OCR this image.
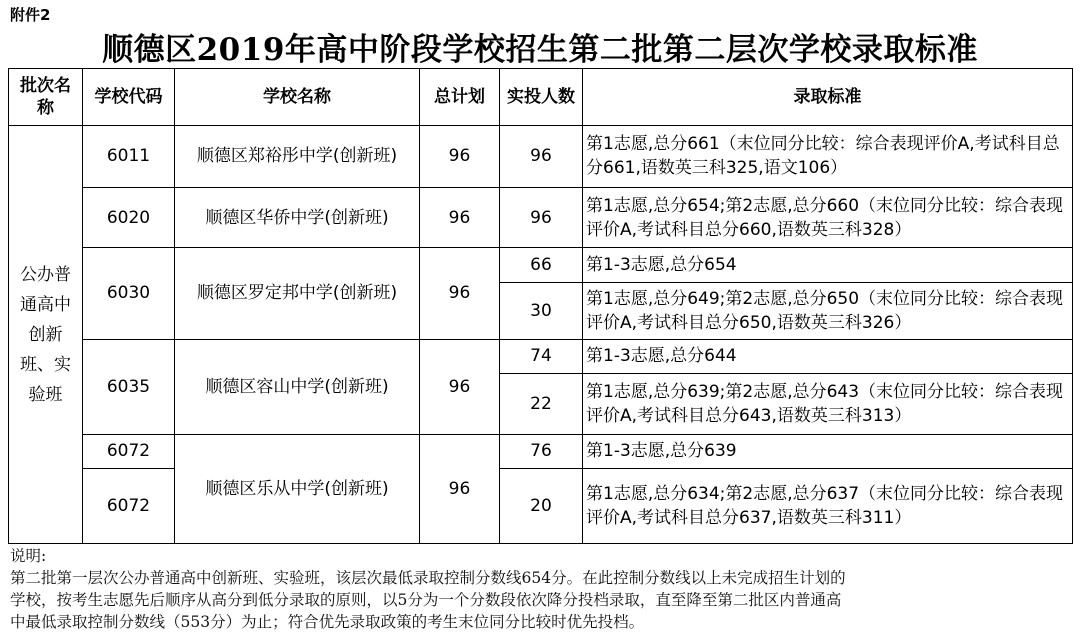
附件2
顺德区2019年高中阶段学校招生第二批第二层次学校录取标准
批次名称	学校代码	学校名称	总计划	实投人数	录取标准
公办普通高中创新班、实验班	6011	顺德区郑裕彤中学(创新班)	96	96	第1志愿,总分661（末位同分比较：综合表现评价A,考试科目总分661,语数英三科325,语文106）
	6020	顺德区华侨中学(创新班)	96	96	第1志愿,总分654;第2志愿,总分660（末位同分比较：综合表现评价A,考试科目总分660,语数英三科328）
	6030	顺德区罗定邦中学(创新班)	96	66	第1-3志愿,总分654
				30	第1志愿,总分649;第2志愿,总分650（末位同分比较：综合表现评价A,考试科目总分650,语数英三科326）
	6035	顺德区容山中学(创新班)	96	74	第1-3志愿,总分644
				22	第1志愿,总分639;第2志愿,总分643（末位同分比较：综合表现评价A,考试科目总分643,语数英三科313）
	6072	顺德区乐从中学(创新班)	96	76	第1-3志愿,总分639
	6072			20	第1志愿,总分634;第2志愿,总分637（末位同分比较：综合表现评价A,考试科目总分637,语数英三科311）
说明:
第二批第一层次公办普通高中创新班、实验班，该层次最低录取控制分数线654分。在此控制分数线以上未完成招生计划的
学校，按考生志愿先后顺序从高分到低分录取的原则，以5分为一个分数段依次降分投档录取，直至降至第二批区内普通高
中最低录取控制分数线（553分）为止；符合优先录取政策的考生末位同分比较时优先投档。
